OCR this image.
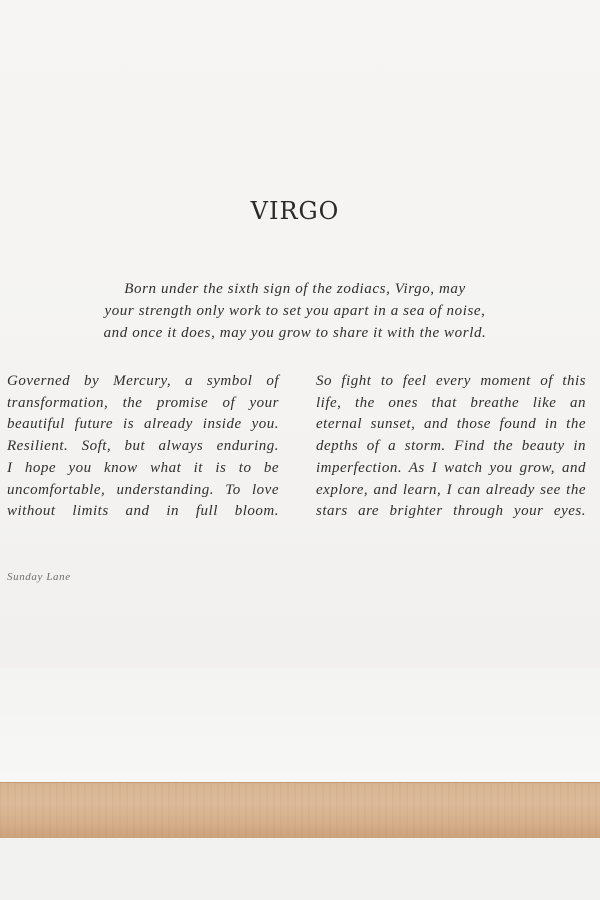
VIRGO

Born under the sixth sign of the zodiacs, Virgo, may
your strength only work to set you apart in a sea of noise,
and once it does, may you grow to share it with the world.

Governed by Mercury, a symbol of
transformation, the promise of your
beautiful future is already inside you.
Resilient. Soft, but always enduring.
I hope you know what it is to be
uncomfortable, understanding. To love
without limits and in full bloom.

So fight to feel every moment of this
life, the ones that breathe like an
eternal sunset, and those found in the
depths of a storm. Find the beauty in
imperfection. As I watch you grow, and
explore, and learn, I can already see the
stars are brighter through your eyes.

Sunday Lane
